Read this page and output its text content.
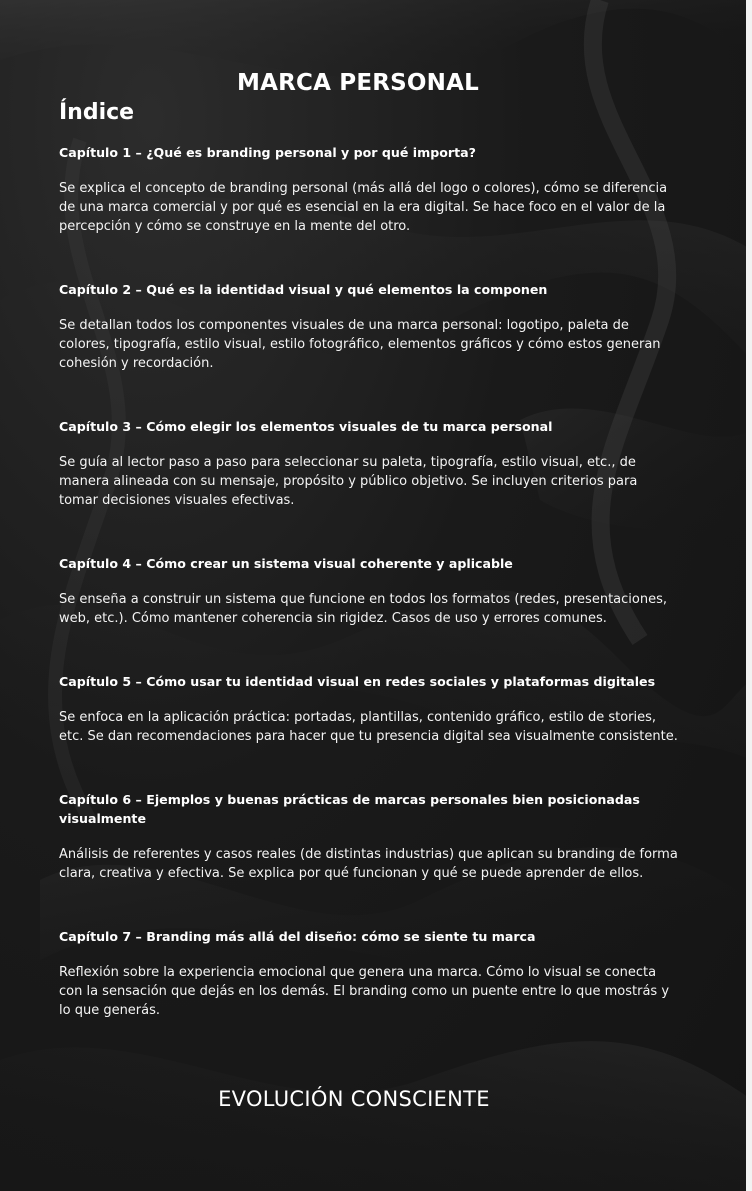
MARCA PERSONAL
Índice

Capítulo 1 – ¿Qué es branding personal y por qué importa?

Se explica el concepto de branding personal (más allá del logo o colores), cómo se diferencia de una marca comercial y por qué es esencial en la era digital. Se hace foco en el valor de la percepción y cómo se construye en la mente del otro.

Capítulo 2 – Qué es la identidad visual y qué elementos la componen

Se detallan todos los componentes visuales de una marca personal: logotipo, paleta de colores, tipografía, estilo visual, estilo fotográfico, elementos gráficos y cómo estos generan cohesión y recordación.

Capítulo 3 – Cómo elegir los elementos visuales de tu marca personal

Se guía al lector paso a paso para seleccionar su paleta, tipografía, estilo visual, etc., de manera alineada con su mensaje, propósito y público objetivo. Se incluyen criterios para tomar decisiones visuales efectivas.

Capítulo 4 – Cómo crear un sistema visual coherente y aplicable

Se enseña a construir un sistema que funcione en todos los formatos (redes, presentaciones, web, etc.). Cómo mantener coherencia sin rigidez. Casos de uso y errores comunes.

Capítulo 5 – Cómo usar tu identidad visual en redes sociales y plataformas digitales

Se enfoca en la aplicación práctica: portadas, plantillas, contenido gráfico, estilo de stories, etc. Se dan recomendaciones para hacer que tu presencia digital sea visualmente consistente.

Capítulo 6 – Ejemplos y buenas prácticas de marcas personales bien posicionadas visualmente

Análisis de referentes y casos reales (de distintas industrias) que aplican su branding de forma clara, creativa y efectiva. Se explica por qué funcionan y qué se puede aprender de ellos.

Capítulo 7 – Branding más allá del diseño: cómo se siente tu marca

Reflexión sobre la experiencia emocional que genera una marca. Cómo lo visual se conecta con la sensación que dejás en los demás. El branding como un puente entre lo que mostrás y lo que generás.

EVOLUCIÓN CONSCIENTE
